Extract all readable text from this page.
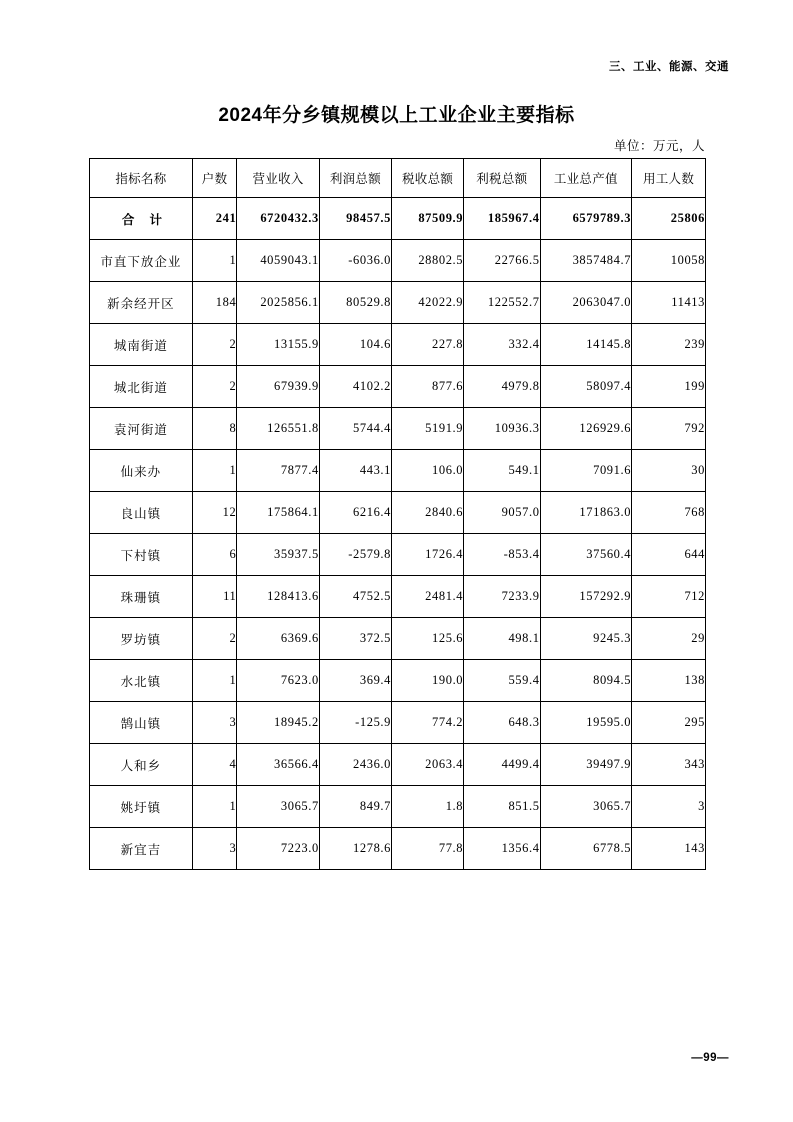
三、工业、能源、交通
2024年分乡镇规模以上工业企业主要指标
单位：万元，人
指标名称	户数	营业收入	利润总额	税收总额	利税总额	工业总产值	用工人数
合 计	241	6720432.3	98457.5	87509.9	185967.4	6579789.3	25806
市直下放企业	1	4059043.1	-6036.0	28802.5	22766.5	3857484.7	10058
新余经开区	184	2025856.1	80529.8	42022.9	122552.7	2063047.0	11413
城南街道	2	13155.9	104.6	227.8	332.4	14145.8	239
城北街道	2	67939.9	4102.2	877.6	4979.8	58097.4	199
袁河街道	8	126551.8	5744.4	5191.9	10936.3	126929.6	792
仙来办	1	7877.4	443.1	106.0	549.1	7091.6	30
良山镇	12	175864.1	6216.4	2840.6	9057.0	171863.0	768
下村镇	6	35937.5	-2579.8	1726.4	-853.4	37560.4	644
珠珊镇	11	128413.6	4752.5	2481.4	7233.9	157292.9	712
罗坊镇	2	6369.6	372.5	125.6	498.1	9245.3	29
水北镇	1	7623.0	369.4	190.0	559.4	8094.5	138
鹄山镇	3	18945.2	-125.9	774.2	648.3	19595.0	295
人和乡	4	36566.4	2436.0	2063.4	4499.4	39497.9	343
姚圩镇	1	3065.7	849.7	1.8	851.5	3065.7	3
新宜吉	3	7223.0	1278.6	77.8	1356.4	6778.5	143
—99—
